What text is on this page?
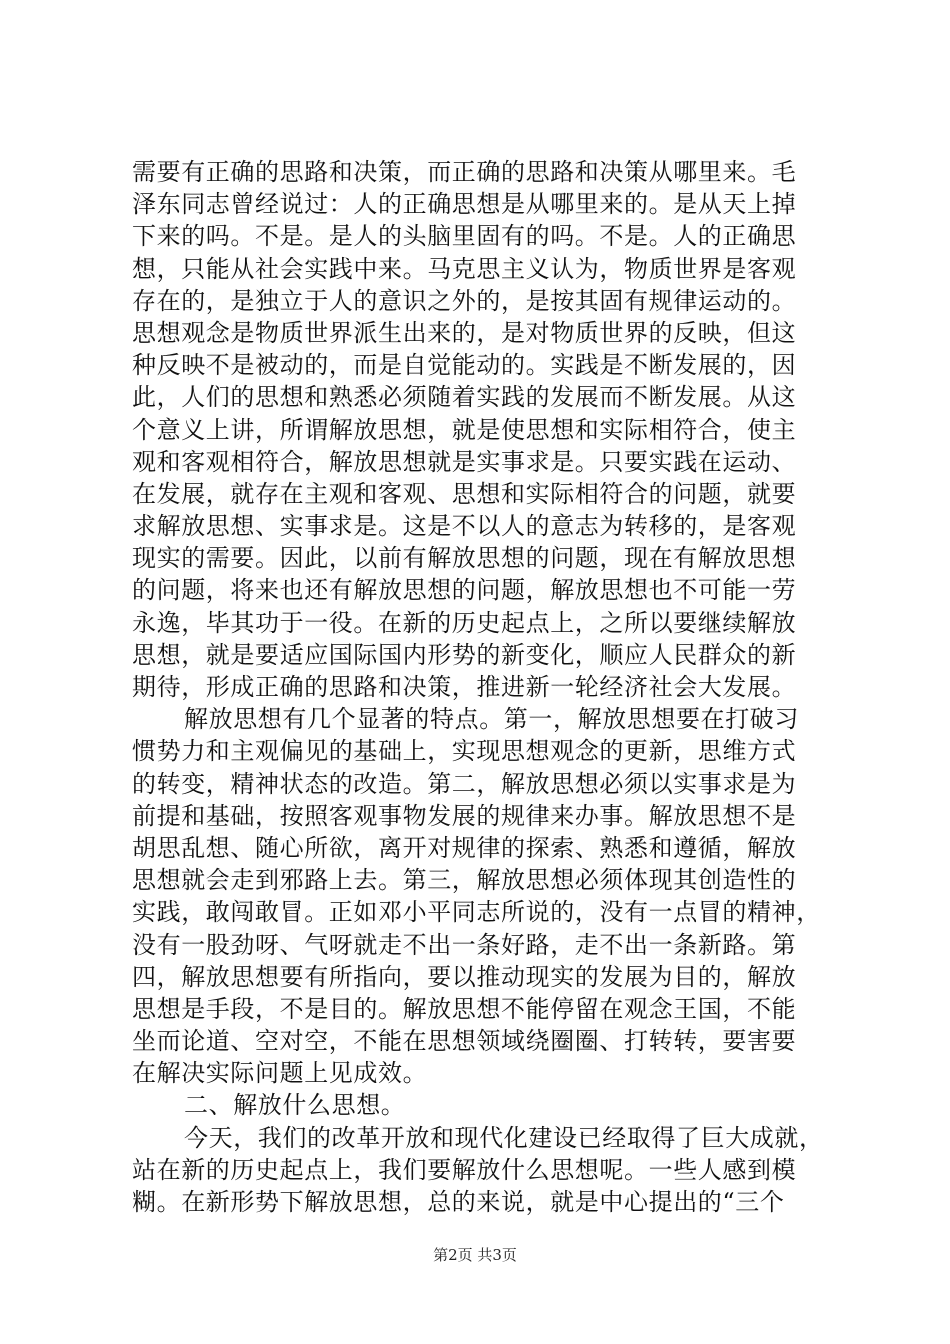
需要有正确的思路和决策，而正确的思路和决策从哪里来。毛
泽东同志曾经说过：人的正确思想是从哪里来的。是从天上掉
下来的吗。不是。是人的头脑里固有的吗。不是。人的正确思
想，只能从社会实践中来。马克思主义认为，物质世界是客观
存在的，是独立于人的意识之外的，是按其固有规律运动的。
思想观念是物质世界派生出来的，是对物质世界的反映，但这
种反映不是被动的，而是自觉能动的。实践是不断发展的，因
此，人们的思想和熟悉必须随着实践的发展而不断发展。从这
个意义上讲，所谓解放思想，就是使思想和实际相符合，使主
观和客观相符合，解放思想就是实事求是。只要实践在运动、
在发展，就存在主观和客观、思想和实际相符合的问题，就要
求解放思想、实事求是。这是不以人的意志为转移的，是客观
现实的需要。因此，以前有解放思想的问题，现在有解放思想
的问题，将来也还有解放思想的问题，解放思想也不可能一劳
永逸，毕其功于一役。在新的历史起点上，之所以要继续解放
思想，就是要适应国际国内形势的新变化，顺应人民群众的新
期待，形成正确的思路和决策，推进新一轮经济社会大发展。
解放思想有几个显著的特点。第一，解放思想要在打破习
惯势力和主观偏见的基础上，实现思想观念的更新，思维方式
的转变，精神状态的改造。第二，解放思想必须以实事求是为
前提和基础，按照客观事物发展的规律来办事。解放思想不是
胡思乱想、随心所欲，离开对规律的探索、熟悉和遵循，解放
思想就会走到邪路上去。第三，解放思想必须体现其创造性的
实践，敢闯敢冒。正如邓小平同志所说的，没有一点冒的精神，
没有一股劲呀、气呀就走不出一条好路，走不出一条新路。第
四，解放思想要有所指向，要以推动现实的发展为目的，解放
思想是手段，不是目的。解放思想不能停留在观念王国，不能
坐而论道、空对空，不能在思想领域绕圈圈、打转转，要害要
在解决实际问题上见成效。
二、解放什么思想。
今天，我们的改革开放和现代化建设已经取得了巨大成就，
站在新的历史起点上，我们要解放什么思想呢。一些人感到模
糊。在新形势下解放思想，总的来说，就是中心提出的“三个
第2页 共3页
